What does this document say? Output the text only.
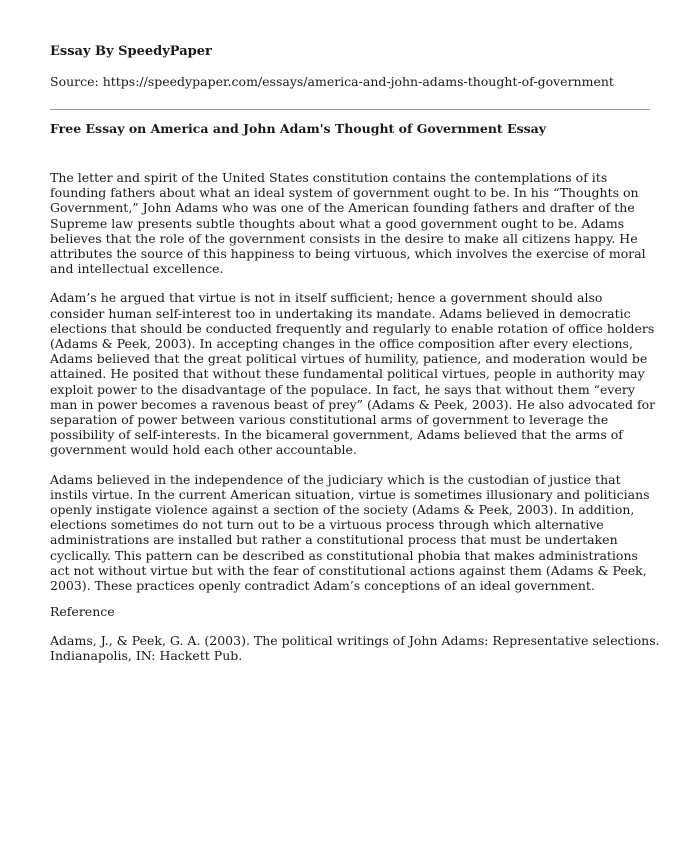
Essay By SpeedyPaper
Source: https://speedypaper.com/essays/america-and-john-adams-thought-of-government
Free Essay on America and John Adam's Thought of Government Essay

The letter and spirit of the United States constitution contains the contemplations of its founding fathers about what an ideal system of government ought to be. In his “Thoughts on Government,” John Adams who was one of the American founding fathers and drafter of the Supreme law presents subtle thoughts about what a good government ought to be. Adams believes that the role of the government consists in the desire to make all citizens happy. He attributes the source of this happiness to being virtuous, which involves the exercise of moral and intellectual excellence.

Adam’s he argued that virtue is not in itself sufficient; hence a government should also consider human self-interest too in undertaking its mandate. Adams believed in democratic elections that should be conducted frequently and regularly to enable rotation of office holders (Adams & Peek, 2003). In accepting changes in the office composition after every elections, Adams believed that the great political virtues of humility, patience, and moderation would be attained. He posited that without these fundamental political virtues, people in authority may exploit power to the disadvantage of the populace. In fact, he says that without them “every man in power becomes a ravenous beast of prey” (Adams & Peek, 2003). He also advocated for separation of power between various constitutional arms of government to leverage the possibility of self-interests. In the bicameral government, Adams believed that the arms of government would hold each other accountable.

Adams believed in the independence of the judiciary which is the custodian of justice that instils virtue. In the current American situation, virtue is sometimes illusionary and politicians openly instigate violence against a section of the society (Adams & Peek, 2003). In addition, elections sometimes do not turn out to be a virtuous process through which alternative administrations are installed but rather a constitutional process that must be undertaken cyclically. This pattern can be described as constitutional phobia that makes administrations act not without virtue but with the fear of constitutional actions against them (Adams & Peek, 2003). These practices openly contradict Adam’s conceptions of an ideal government.

Reference
Adams, J., & Peek, G. A. (2003). The political writings of John Adams: Representative selections. Indianapolis, IN: Hackett Pub.
